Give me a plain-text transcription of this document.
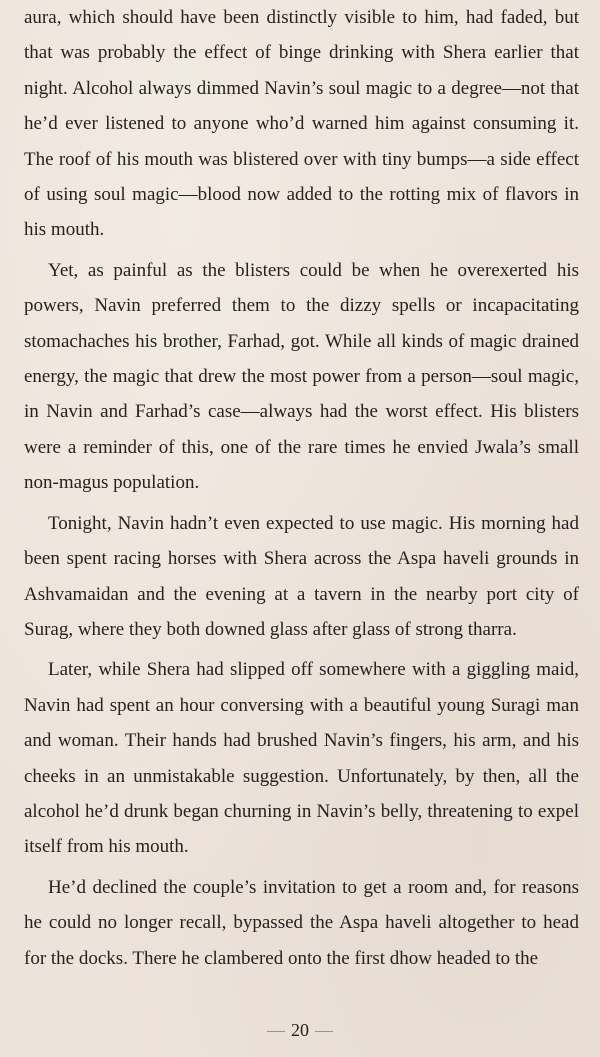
aura, which should have been distinctly visible to him, had faded, but that was probably the effect of binge drinking with Shera earlier that night. Alcohol always dimmed Navin’s soul magic to a degree—not that he’d ever listened to anyone who’d warned him against consuming it. The roof of his mouth was blistered over with tiny bumps—a side effect of using soul magic—blood now added to the rotting mix of flavors in his mouth.

Yet, as painful as the blisters could be when he overexerted his powers, Navin preferred them to the dizzy spells or incapacitating stomachaches his brother, Farhad, got. While all kinds of magic drained energy, the magic that drew the most power from a person—soul magic, in Navin and Farhad’s case—always had the worst effect. His blisters were a reminder of this, one of the rare times he envied Jwala’s small non-magus population.

Tonight, Navin hadn’t even expected to use magic. His morning had been spent racing horses with Shera across the Aspa haveli grounds in Ashvamaidan and the evening at a tavern in the nearby port city of Surag, where they both downed glass after glass of strong tharra.

Later, while Shera had slipped off somewhere with a giggling maid, Navin had spent an hour conversing with a beautiful young Suragi man and woman. Their hands had brushed Navin’s fingers, his arm, and his cheeks in an unmistakable suggestion. Unfortunately, by then, all the alcohol he’d drunk began churning in Navin’s belly, threatening to expel itself from his mouth.

He’d declined the couple’s invitation to get a room and, for reasons he could no longer recall, bypassed the Aspa haveli altogether to head for the docks. There he clambered onto the first dhow headed to the

20
